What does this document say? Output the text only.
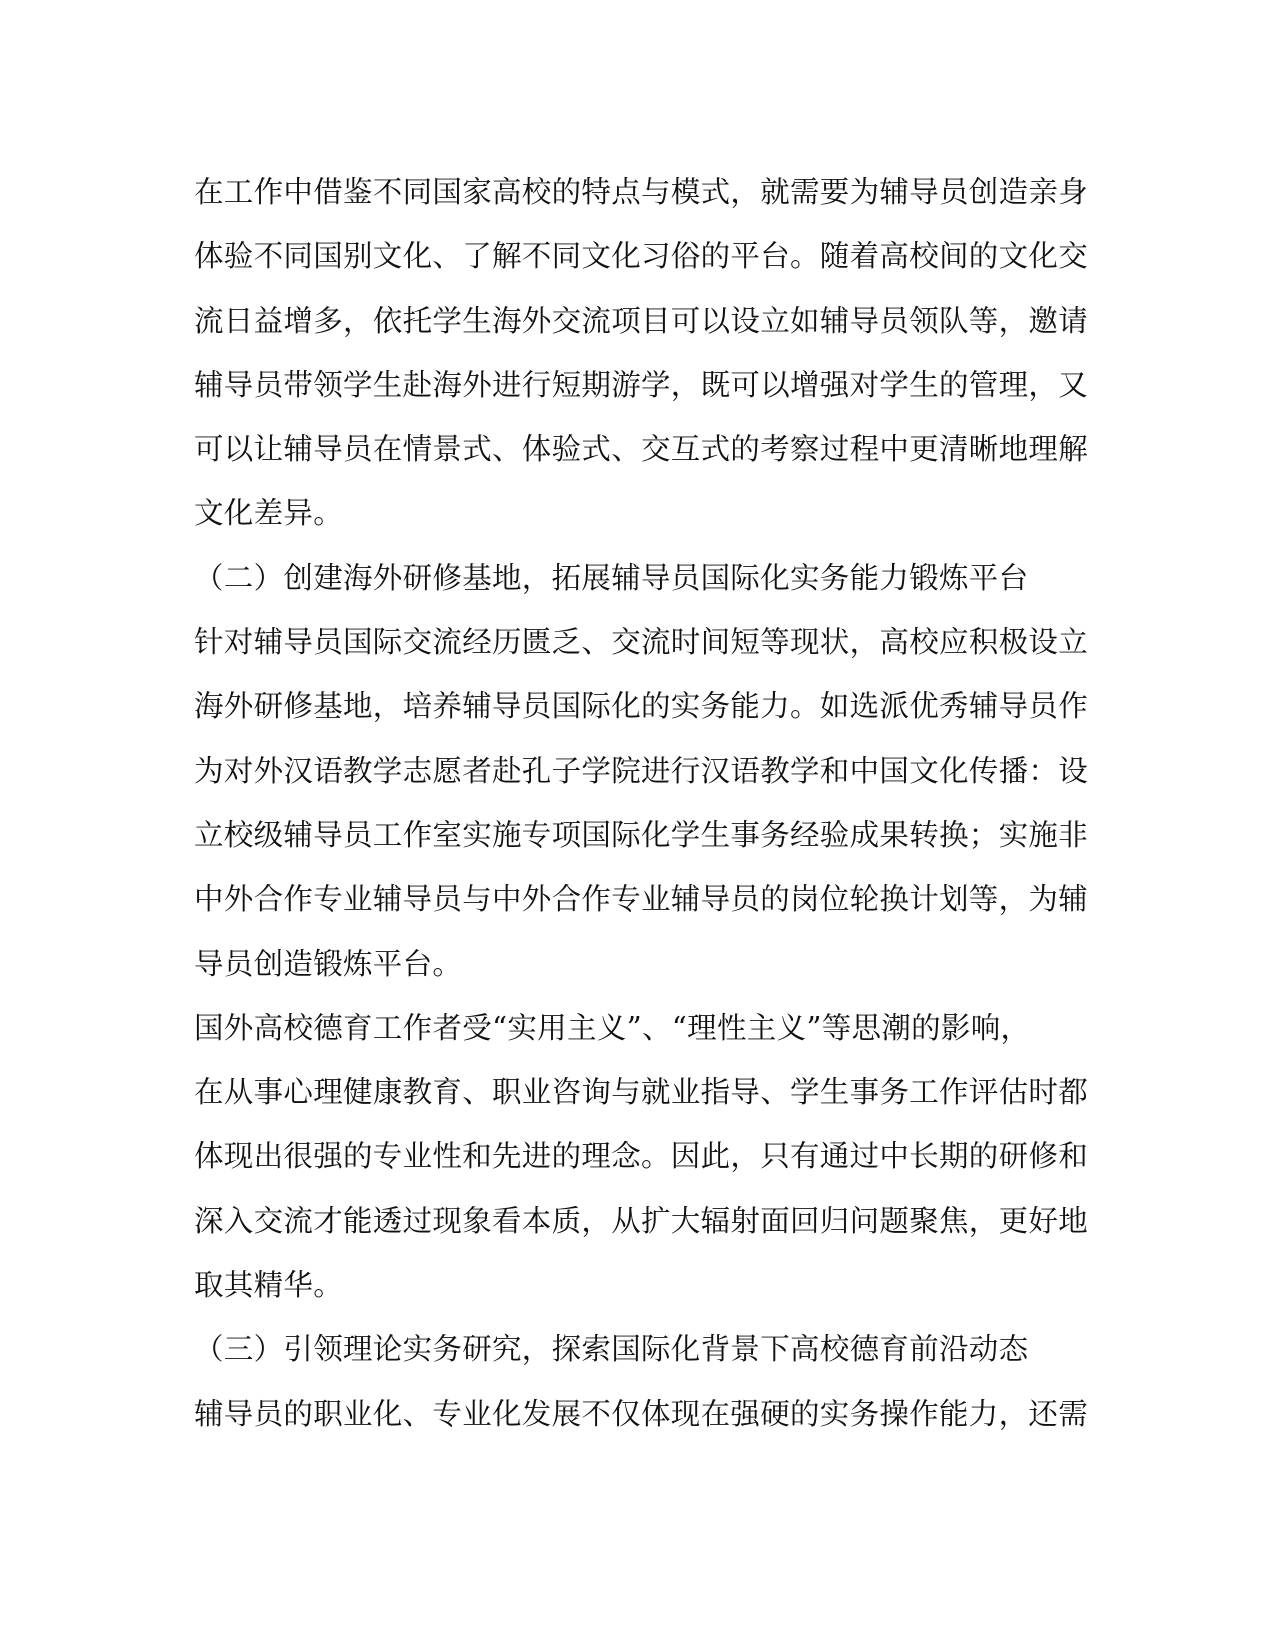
在工作中借鉴不同国家高校的特点与模式，就需要为辅导员创造亲身

体验不同国别文化、了解不同文化习俗的平台。随着高校间的文化交

流日益增多，依托学生海外交流项目可以设立如辅导员领队等，邀请

辅导员带领学生赴海外进行短期游学，既可以增强对学生的管理，又

可以让辅导员在情景式、体验式、交互式的考察过程中更清晰地理解

文化差异。

（二）创建海外研修基地，拓展辅导员国际化实务能力锻炼平台

针对辅导员国际交流经历匮乏、交流时间短等现状，高校应积极设立

海外研修基地，培养辅导员国际化的实务能力。如选派优秀辅导员作

为对外汉语教学志愿者赴孔子学院进行汉语教学和中国文化传播：设

立校级辅导员工作室实施专项国际化学生事务经验成果转换；实施非

中外合作专业辅导员与中外合作专业辅导员的岗位轮换计划等，为辅

导员创造锻炼平台。

国外高校德育工作者受“实用主义”、“理性主义”等思潮的影响，

在从事心理健康教育、职业咨询与就业指导、学生事务工作评估时都

体现出很强的专业性和先进的理念。因此，只有通过中长期的研修和

深入交流才能透过现象看本质，从扩大辐射面回归问题聚焦，更好地

取其精华。

（三）引领理论实务研究，探索国际化背景下高校德育前沿动态

辅导员的职业化、专业化发展不仅体现在强硬的实务操作能力，还需
